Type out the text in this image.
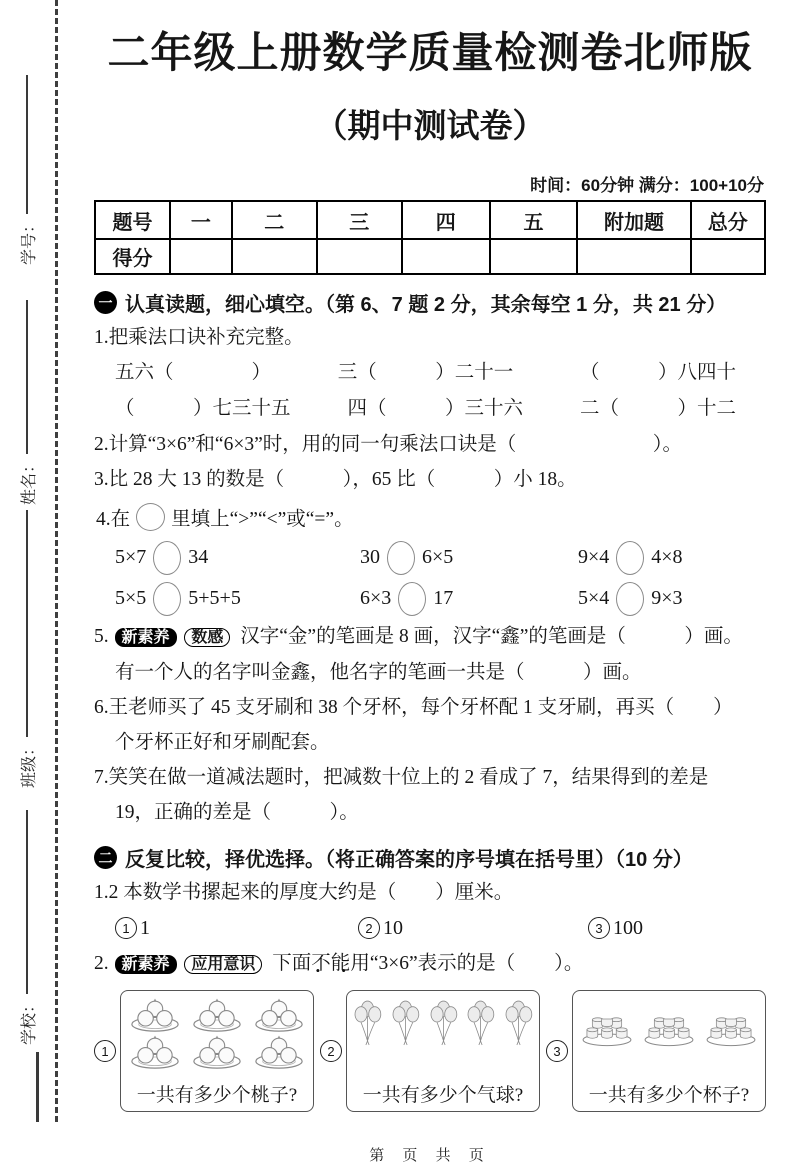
学号：
姓名：
班级：
学校：
二年级上册数学质量检测卷北师版
（期中测试卷）
时间：60分钟 满分：100+10分
题号	一	二	三	四	五	附加题	总分
得分							
一 认真读题，细心填空。（第 6、7 题 2 分，其余每空 1 分，共 21 分）

1.把乘法口诀补充完整。

五六（　　　　）	三（　　　）二十一	（　　　）八四十
（　　　）七三十五	四（　　　）三十六	二（　　　）十二

2.计算“3×6”和“6×3”时，用的同一句乘法口诀是（　　　　　　　）。

3.比 28 大 13 的数是（　　　），65 比（　　　）小 18。

4.在 里填上“>”“<”或“=”。
5×7 34	30 6×5	9×4 4×8
5×5 5+5+5	6×3 17	5×4 9×3

5. 新素养 数感 汉字“金”的笔画是 8 画，汉字“鑫”的笔画是（　　　）画。

有一个人的名字叫金鑫，他名字的笔画一共是（　　　）画。

6.王老师买了 45 支牙刷和 38 个牙杯，每个牙杯配 1 支牙刷，再买（　　）

个牙杯正好和牙刷配套。

7.笑笑在做一道减法题时，把减数十位上的 2 看成了 7，结果得到的差是

19，正确的差是（　　　）。

二 反复比较，择优选择。（将正确答案的序号填在括号里）（10 分）

1.2 本数学书摞起来的厚度大约是（　　）厘米。

1 1	2 10	3 100

2. 新素养 应用意识 下面不能 • •用“3×6”表示的是（　　）。

1
一共有多少个桃子?
2
一共有多少个气球?
3
一共有多少个杯子?
第 页 共 页
